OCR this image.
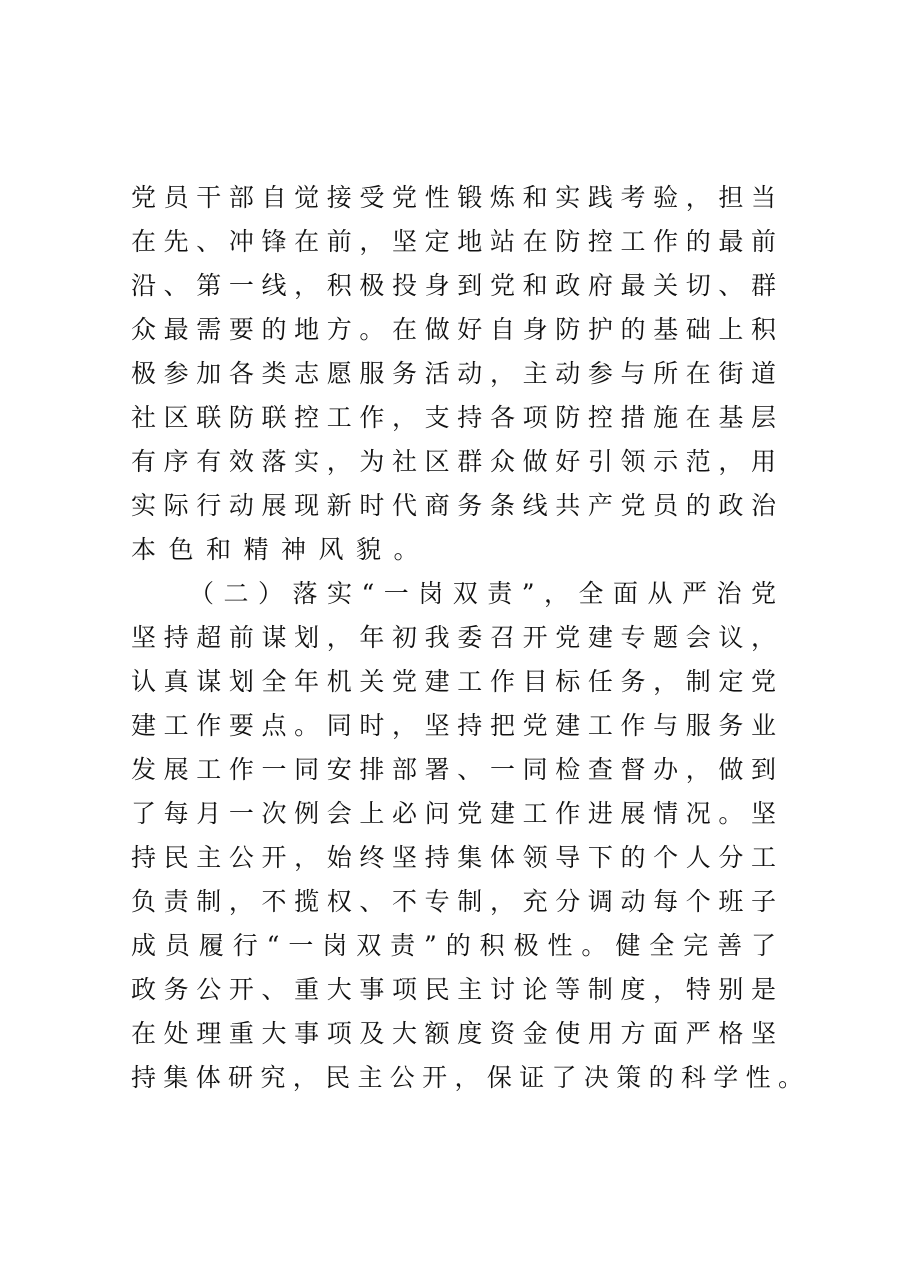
党员干部自觉接受党性锻炼和实践考验，担当
在先、冲锋在前，坚定地站在防控工作的最前
沿、第一线，积极投身到党和政府最关切、群
众最需要的地方。在做好自身防护的基础上积
极参加各类志愿服务活动，主动参与所在街道
社区联防联控工作，支持各项防控措施在基层
有序有效落实，为社区群众做好引领示范，用
实际行动展现新时代商务条线共产党员的政治
本色和精神风貌。
（二）落实“一岗双责”，全面从严治党
坚持超前谋划，年初我委召开党建专题会议，
认真谋划全年机关党建工作目标任务，制定党
建工作要点。同时，坚持把党建工作与服务业
发展工作一同安排部署、一同检查督办，做到
了每月一次例会上必问党建工作进展情况。坚
持民主公开，始终坚持集体领导下的个人分工
负责制，不揽权、不专制，充分调动每个班子
成员履行“一岗双责”的积极性。健全完善了
政务公开、重大事项民主讨论等制度，特别是
在处理重大事项及大额度资金使用方面严格坚
持集体研究，民主公开，保证了决策的科学性。
